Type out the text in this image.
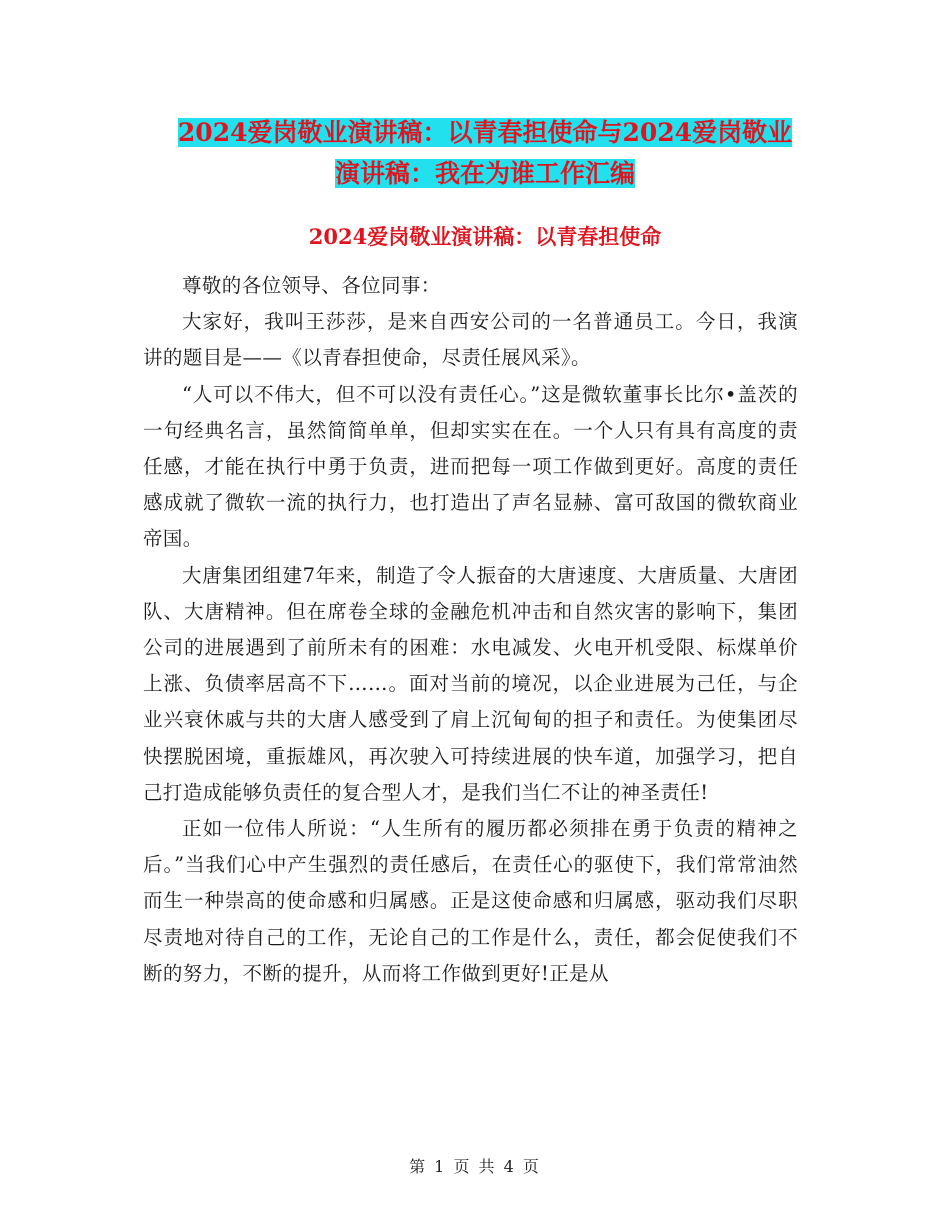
2024爱岗敬业演讲稿：以青春担使命与2024爱岗敬业
演讲稿：我在为谁工作汇编
2024爱岗敬业演讲稿：以青春担使命

尊敬的各位领导、各位同事：

大家好，我叫王莎莎，是来自西安公司的一名普通员工。今日，我演讲的题目是——《以青春担使命，尽责任展风采》。

“人可以不伟大，但不可以没有责任心。”这是微软董事长比尔•盖茨的一句经典名言，虽然简简单单，但却实实在在。一个人只有具有高度的责任感，才能在执行中勇于负责，进而把每一项工作做到更好。高度的责任感成就了微软一流的执行力，也打造出了声名显赫、富可敌国的微软商业帝国。

大唐集团组建7年来，制造了令人振奋的大唐速度、大唐质量、大唐团队、大唐精神。但在席卷全球的金融危机冲击和自然灾害的影响下，集团公司的进展遇到了前所未有的困难：水电减发、火电开机受限、标煤单价上涨、负债率居高不下……。面对当前的境况，以企业进展为己任，与企业兴衰休戚与共的大唐人感受到了肩上沉甸甸的担子和责任。为使集团尽快摆脱困境，重振雄风，再次驶入可持续进展的快车道，加强学习，把自己打造成能够负责任的复合型人才，是我们当仁不让的神圣责任!

正如一位伟人所说：“人生所有的履历都必须排在勇于负责的精神之后。”当我们心中产生强烈的责任感后，在责任心的驱使下，我们常常油然而生一种崇高的使命感和归属感。正是这使命感和归属感，驱动我们尽职尽责地对待自己的工作，无论自己的工作是什么，责任，都会促使我们不断的努力，不断的提升，从而将工作做到更好!正是从

第 1 页 共 4 页
